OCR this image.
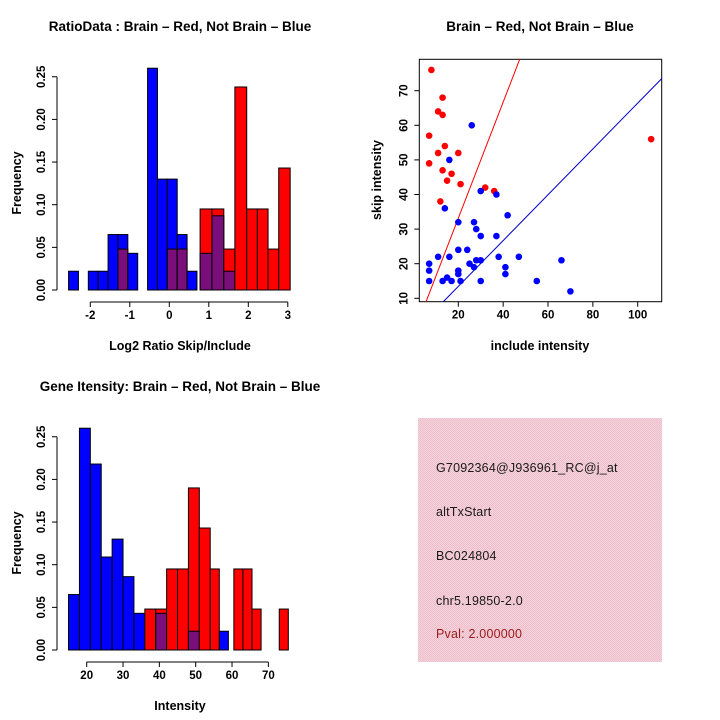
0.00
0.05
0.10
0.15
0.20
0.25
-2	-1	0	1	2	3
RatioData : Brain – Red, Not Brain – Blue
Frequency
Log2 Ratio Skip/Include
20	40	60	80	100
10
20
30
40
50
60
70
Brain – Red, Not Brain – Blue
skip intensity
include intensity
0.00
0.05
0.10
0.15
0.20
0.25
20 30 40 50 60 70
Gene Itensity: Brain – Red, Not Brain – Blue
Frequency
Intensity
G7092364@J936961_RC@j_at
altTxStart
BC024804
chr5.19850-2.0
Pval: 2.000000
